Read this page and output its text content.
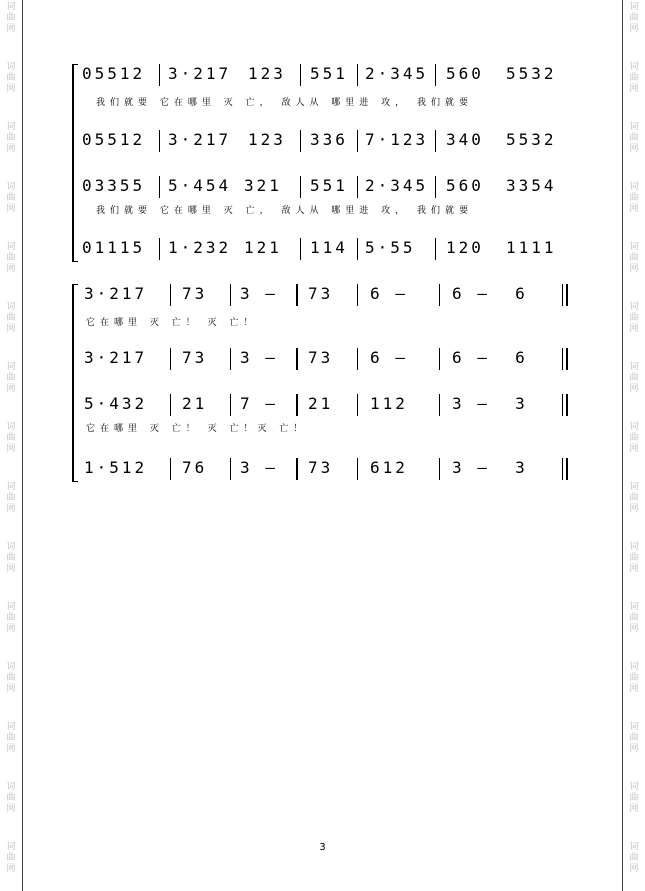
词
曲
网
词
曲
网
词
曲
网
词
曲
网
词
曲
网
词
曲
网
词
曲
网
词
曲
网
词
曲
网
词
曲
网
词
曲
网
词
曲
网
词
曲
网
词
曲
网
词
曲
网
词
曲
网
词
曲
网
词
曲
网
词
曲
网
词
曲
网
词
曲
网
词
曲
网
词
曲
网
词
曲
网
词
曲
网
词
曲
网
词
曲
网
词
曲
网
词
曲
网
词
曲
网
05512 3·217 123 551 2·345 560 5532
我们就要 它在哪里 灭 亡， 敌人从 哪里进 攻， 我们就要
05512 3·217 123 336 7·123 340 5532
03355 5·454 321 551 2·345 560 3354
我们就要 它在哪里 灭 亡， 敌人从 哪里进 攻， 我们就要
01115 1·232 121 114 5·55 120 1111
3·217 73 3 – 73 6 –	6 –  6
它在哪里 灭 亡！ 灭 亡！
3·217 73 3 – 73 6 –	6 –  6
5·432 21 7 – 21 112	3 –  3
它在哪里 灭 亡！ 灭 亡！灭 亡！
1·512 76 3 – 73 612	3 –  3
3
